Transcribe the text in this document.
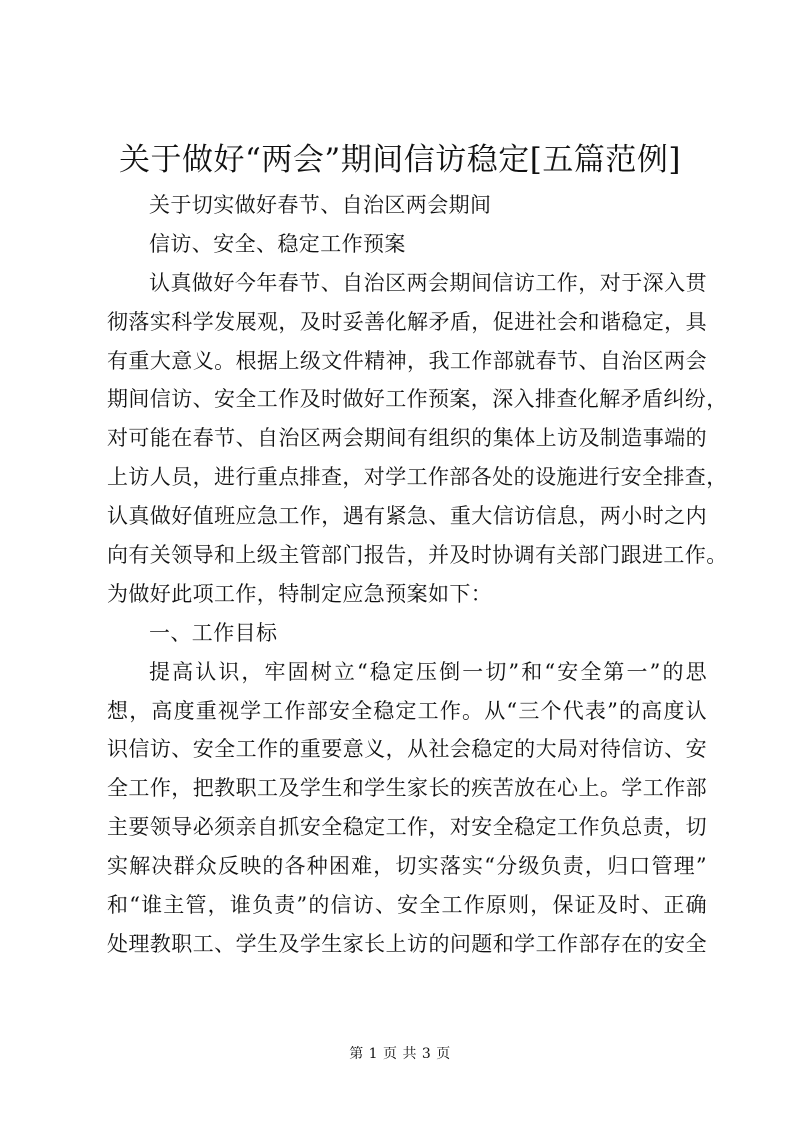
关于做好“两会”期间信访稳定[五篇范例]
关于切实做好春节、自治区两会期间
信访、安全、稳定工作预案
认真做好今年春节、自治区两会期间信访工作，对于深入贯
彻落实科学发展观，及时妥善化解矛盾，促进社会和谐稳定，具
有重大意义。根据上级文件精神，我工作部就春节、自治区两会
期间信访、安全工作及时做好工作预案，深入排查化解矛盾纠纷，
对可能在春节、自治区两会期间有组织的集体上访及制造事端的
上访人员，进行重点排查，对学工作部各处的设施进行安全排查，
认真做好值班应急工作，遇有紧急、重大信访信息，两小时之内
向有关领导和上级主管部门报告，并及时协调有关部门跟进工作。
为做好此项工作，特制定应急预案如下：
一、工作目标
提高认识，牢固树立“稳定压倒一切”和“安全第一”的思
想，高度重视学工作部安全稳定工作。从“三个代表”的高度认
识信访、安全工作的重要意义，从社会稳定的大局对待信访、安
全工作，把教职工及学生和学生家长的疾苦放在心上。学工作部
主要领导必须亲自抓安全稳定工作，对安全稳定工作负总责，切
实解决群众反映的各种困难，切实落实“分级负责，归口管理”
和“谁主管，谁负责”的信访、安全工作原则，保证及时、正确
处理教职工、学生及学生家长上访的问题和学工作部存在的安全
第 1 页 共 3 页
